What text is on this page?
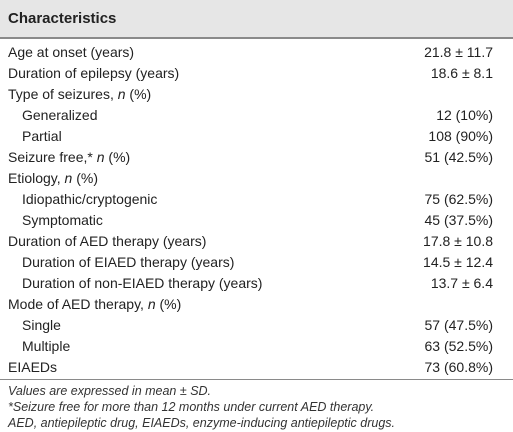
Characteristics
Age at onset (years)	21.8 ± 11.7
Duration of epilepsy (years)	18.6 ± 8.1
Type of seizures, n (%)
Generalized	12 (10%)
Partial	108 (90%)
Seizure free,* n (%)	51 (42.5%)
Etiology, n (%)
Idiopathic/cryptogenic	75 (62.5%)
Symptomatic	45 (37.5%)
Duration of AED therapy (years)	17.8 ± 10.8
Duration of EIAED therapy (years)	14.5 ± 12.4
Duration of non-EIAED therapy (years)	13.7 ± 6.4
Mode of AED therapy, n (%)
Single	57 (47.5%)
Multiple	63 (52.5%)
EIAEDs	73 (60.8%)
Values are expressed in mean ± SD.
*Seizure free for more than 12 months under current AED therapy.
AED, antiepileptic drug, EIAEDs, enzyme-inducing antiepileptic drugs.
